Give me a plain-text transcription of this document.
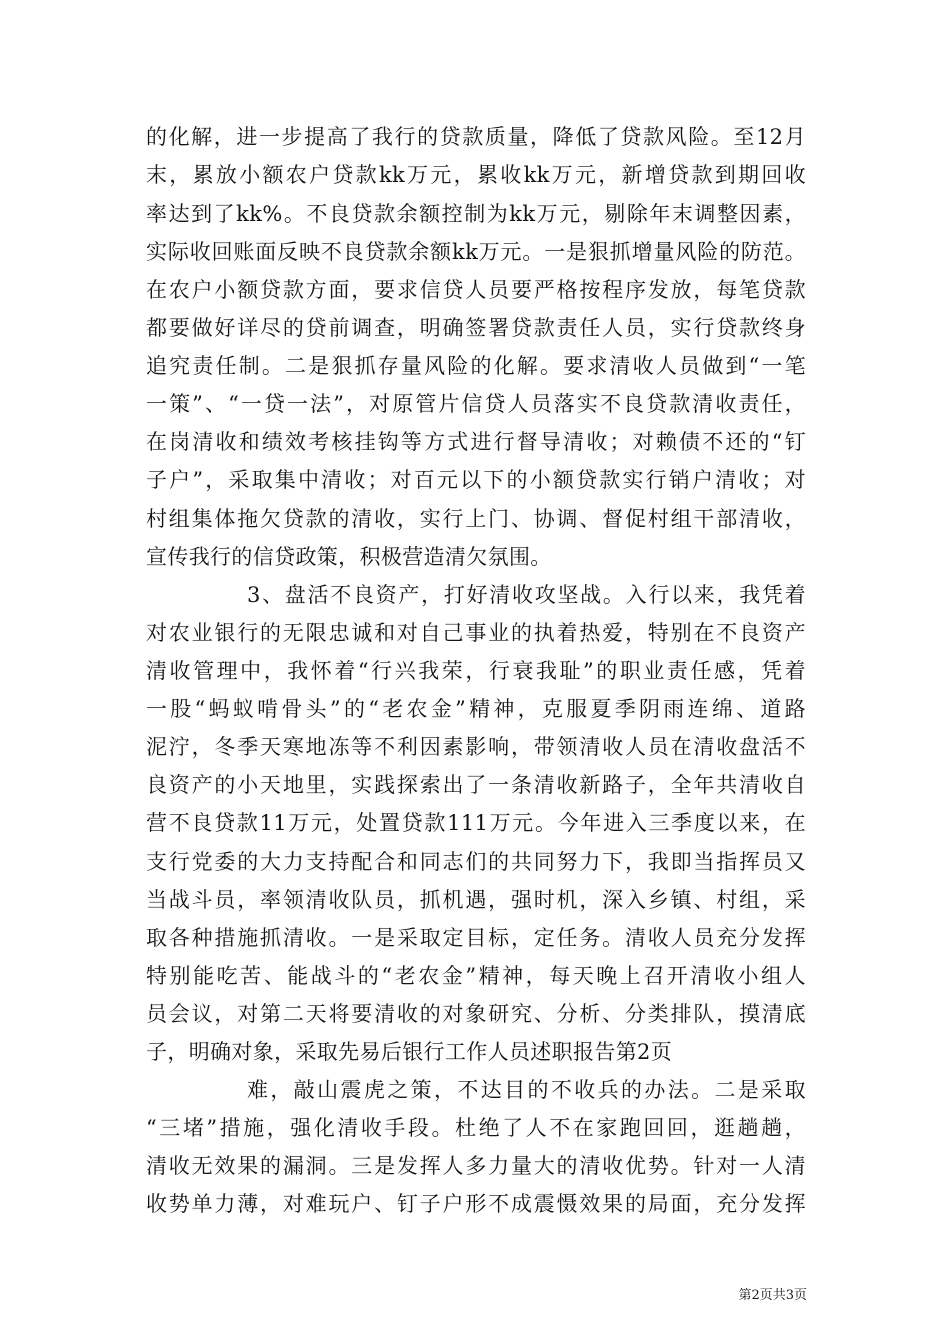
的化解，进一步提高了我行的贷款质量，降低了贷款风险。至12月
末，累放小额农户贷款kk万元，累收kk万元，新增贷款到期回收
率达到了kk%。不良贷款余额控制为kk万元，剔除年末调整因素，
实际收回账面反映不良贷款余额kk万元。一是狠抓增量风险的防范。
在农户小额贷款方面，要求信贷人员要严格按程序发放，每笔贷款
都要做好详尽的贷前调查，明确签署贷款责任人员，实行贷款终身
追究责任制。二是狠抓存量风险的化解。要求清收人员做到“一笔
一策”、“一贷一法”，对原管片信贷人员落实不良贷款清收责任，
在岗清收和绩效考核挂钩等方式进行督导清收；对赖债不还的“钉
子户”，采取集中清收；对百元以下的小额贷款实行销户清收；对
村组集体拖欠贷款的清收，实行上门、协调、督促村组干部清收，
宣传我行的信贷政策，积极营造清欠氛围。
3、盘活不良资产，打好清收攻坚战。入行以来，我凭着
对农业银行的无限忠诚和对自己事业的执着热爱，特别在不良资产
清收管理中，我怀着“行兴我荣，行衰我耻”的职业责任感，凭着
一股“蚂蚁啃骨头”的“老农金”精神，克服夏季阴雨连绵、道路
泥泞，冬季天寒地冻等不利因素影响，带领清收人员在清收盘活不
良资产的小天地里，实践探索出了一条清收新路子，全年共清收自
营不良贷款11万元，处置贷款111万元。今年进入三季度以来，在
支行党委的大力支持配合和同志们的共同努力下，我即当指挥员又
当战斗员，率领清收队员，抓机遇，强时机，深入乡镇、村组，采
取各种措施抓清收。一是采取定目标，定任务。清收人员充分发挥
特别能吃苦、能战斗的“老农金”精神，每天晚上召开清收小组人
员会议，对第二天将要清收的对象研究、分析、分类排队，摸清底
子，明确对象，采取先易后银行工作人员述职报告第2页
难，敲山震虎之策，不达目的不收兵的办法。二是采取
“三堵”措施，强化清收手段。杜绝了人不在家跑回回，逛趟趟，
清收无效果的漏洞。三是发挥人多力量大的清收优势。针对一人清
收势单力薄，对难玩户、钉子户形不成震慑效果的局面，充分发挥
第2页共3页
